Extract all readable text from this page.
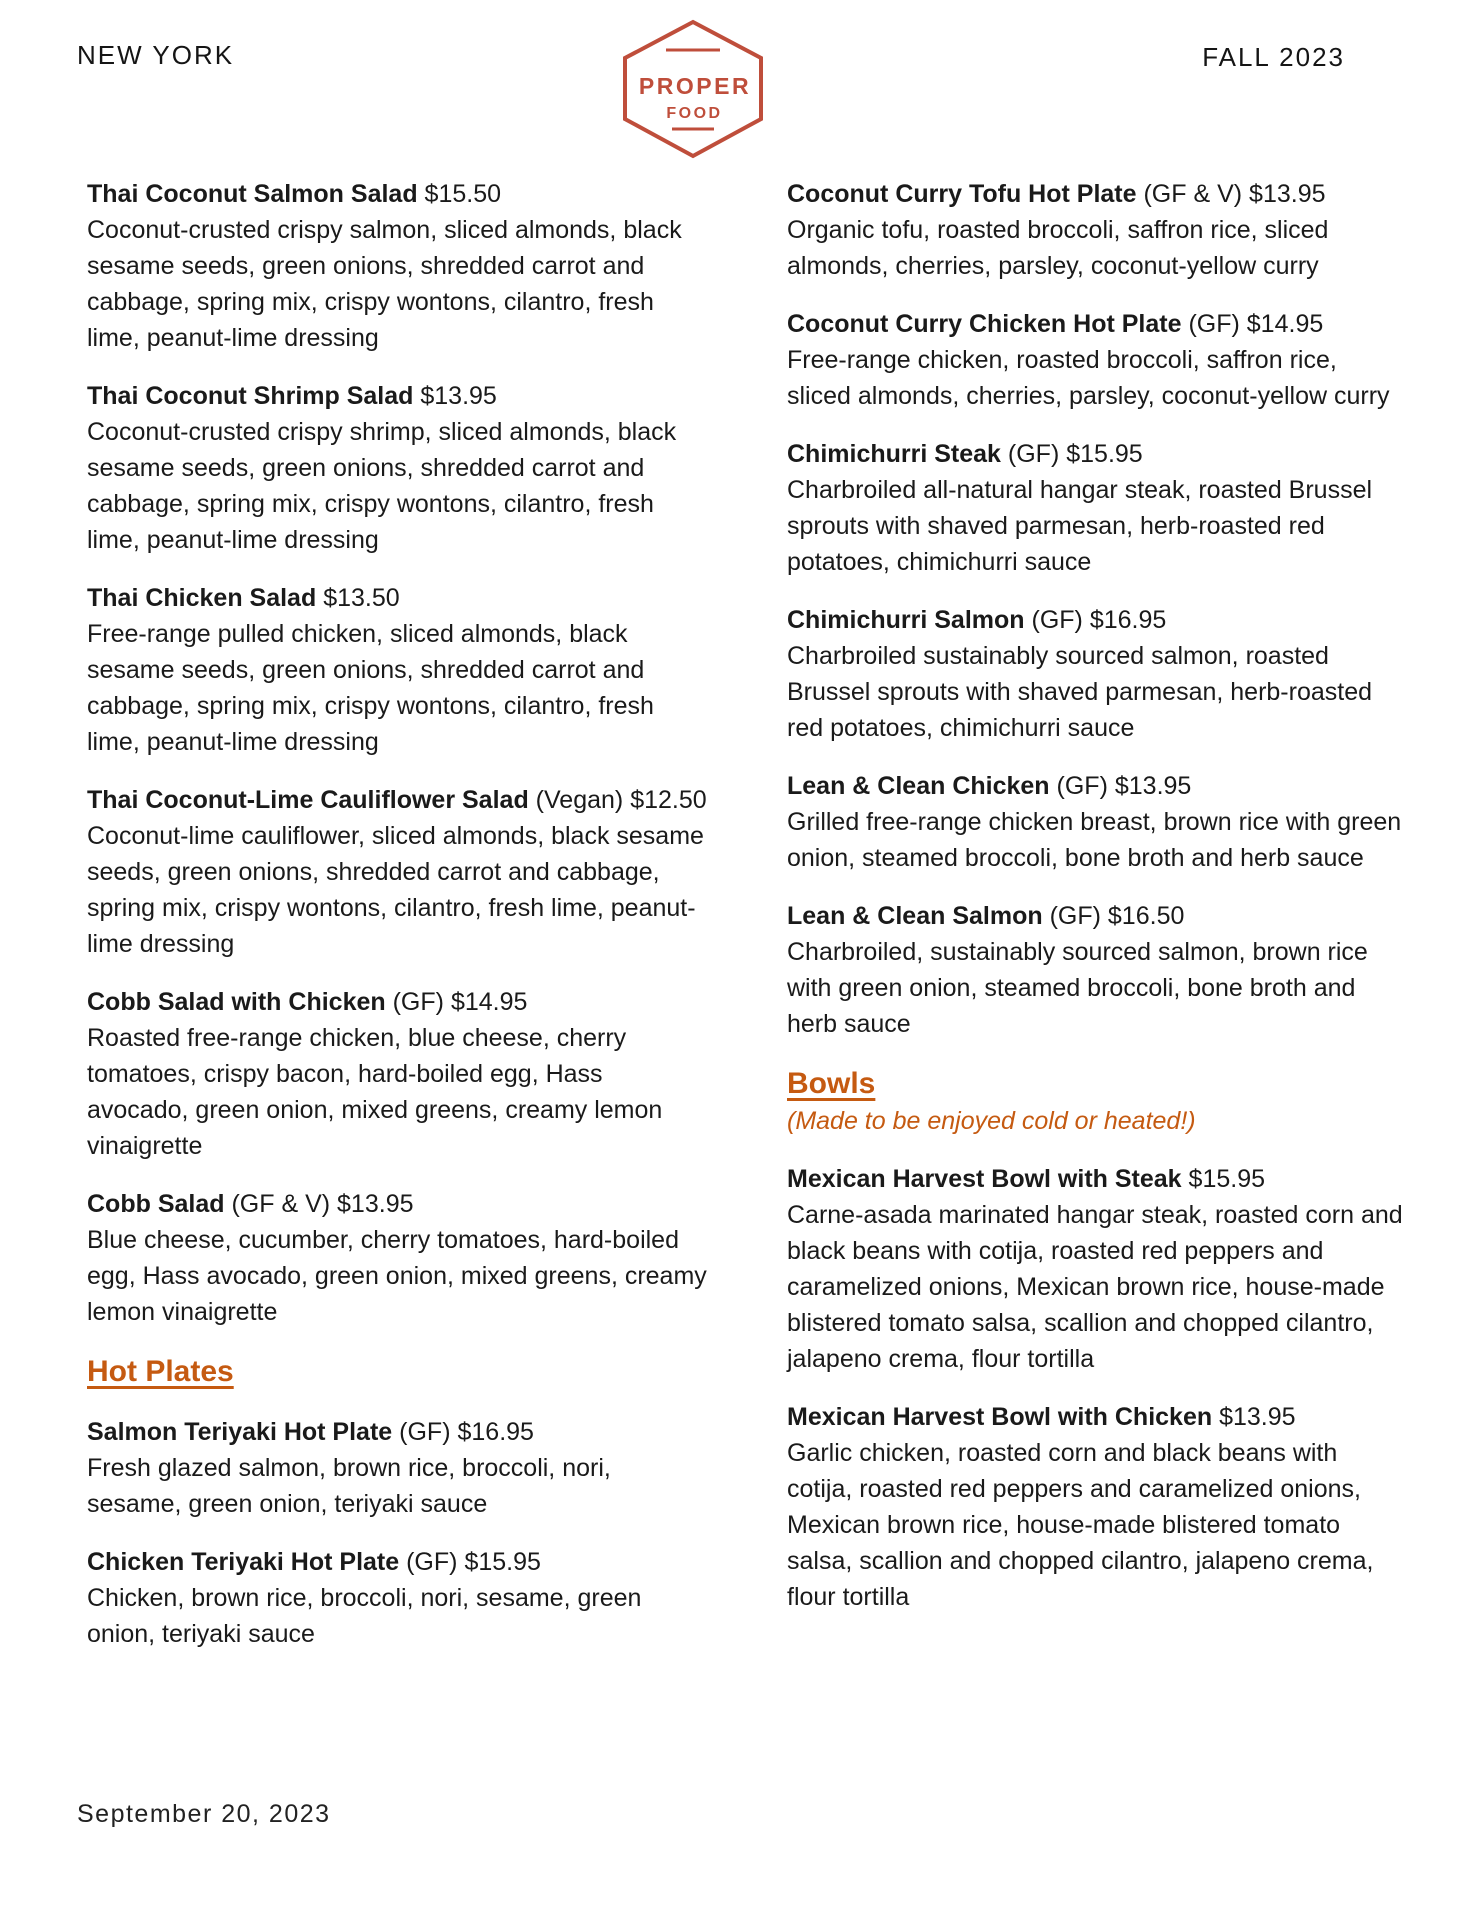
NEW YORK	FALL 2023
PROPER
FOOD
Thai Coconut Salmon Salad $15.50
Coconut-crusted crispy salmon, sliced almonds, black sesame seeds, green onions, shredded carrot and cabbage, spring mix, crispy wontons, cilantro, fresh lime, peanut-lime dressing
Thai Coconut Shrimp Salad $13.95
Coconut-crusted crispy shrimp, sliced almonds, black sesame seeds, green onions, shredded carrot and cabbage, spring mix, crispy wontons, cilantro, fresh lime, peanut-lime dressing
Thai Chicken Salad $13.50
Free-range pulled chicken, sliced almonds, black sesame seeds, green onions, shredded carrot and cabbage, spring mix, crispy wontons, cilantro, fresh lime, peanut-lime dressing
Thai Coconut-Lime Cauliflower Salad (Vegan) $12.50
Coconut-lime cauliflower, sliced almonds, black sesame seeds, green onions, shredded carrot and cabbage, spring mix, crispy wontons, cilantro, fresh lime, peanut-lime dressing
Cobb Salad with Chicken (GF) $14.95
Roasted free-range chicken, blue cheese, cherry tomatoes, crispy bacon, hard-boiled egg, Hass avocado, green onion, mixed greens, creamy lemon vinaigrette
Cobb Salad (GF & V) $13.95
Blue cheese, cucumber, cherry tomatoes, hard-boiled egg, Hass avocado, green onion, mixed greens, creamy lemon vinaigrette
Hot Plates
Salmon Teriyaki Hot Plate (GF) $16.95
Fresh glazed salmon, brown rice, broccoli, nori, sesame, green onion, teriyaki sauce
Chicken Teriyaki Hot Plate (GF) $15.95
Chicken, brown rice, broccoli, nori, sesame, green onion, teriyaki sauce
Coconut Curry Tofu Hot Plate (GF & V) $13.95
Organic tofu, roasted broccoli, saffron rice, sliced almonds, cherries, parsley, coconut-yellow curry
Coconut Curry Chicken Hot Plate (GF) $14.95
Free-range chicken, roasted broccoli, saffron rice, sliced almonds, cherries, parsley, coconut-yellow curry
Chimichurri Steak (GF) $15.95
Charbroiled all-natural hangar steak, roasted Brussel sprouts with shaved parmesan, herb-roasted red potatoes, chimichurri sauce
Chimichurri Salmon (GF) $16.95
Charbroiled sustainably sourced salmon, roasted Brussel sprouts with shaved parmesan, herb-roasted red potatoes, chimichurri sauce
Lean & Clean Chicken (GF) $13.95
Grilled free-range chicken breast, brown rice with green onion, steamed broccoli, bone broth and herb sauce
Lean & Clean Salmon (GF) $16.50
Charbroiled, sustainably sourced salmon, brown rice with green onion, steamed broccoli, bone broth and herb sauce
Bowls
(Made to be enjoyed cold or heated!)
Mexican Harvest Bowl with Steak $15.95
Carne-asada marinated hangar steak, roasted corn and black beans with cotija, roasted red peppers and caramelized onions, Mexican brown rice, house-made blistered tomato salsa, scallion and chopped cilantro, jalapeno crema, flour tortilla
Mexican Harvest Bowl with Chicken $13.95
Garlic chicken, roasted corn and black beans with cotija, roasted red peppers and caramelized onions, Mexican brown rice, house-made blistered tomato salsa, scallion and chopped cilantro, jalapeno crema, flour tortilla
September 20, 2023
